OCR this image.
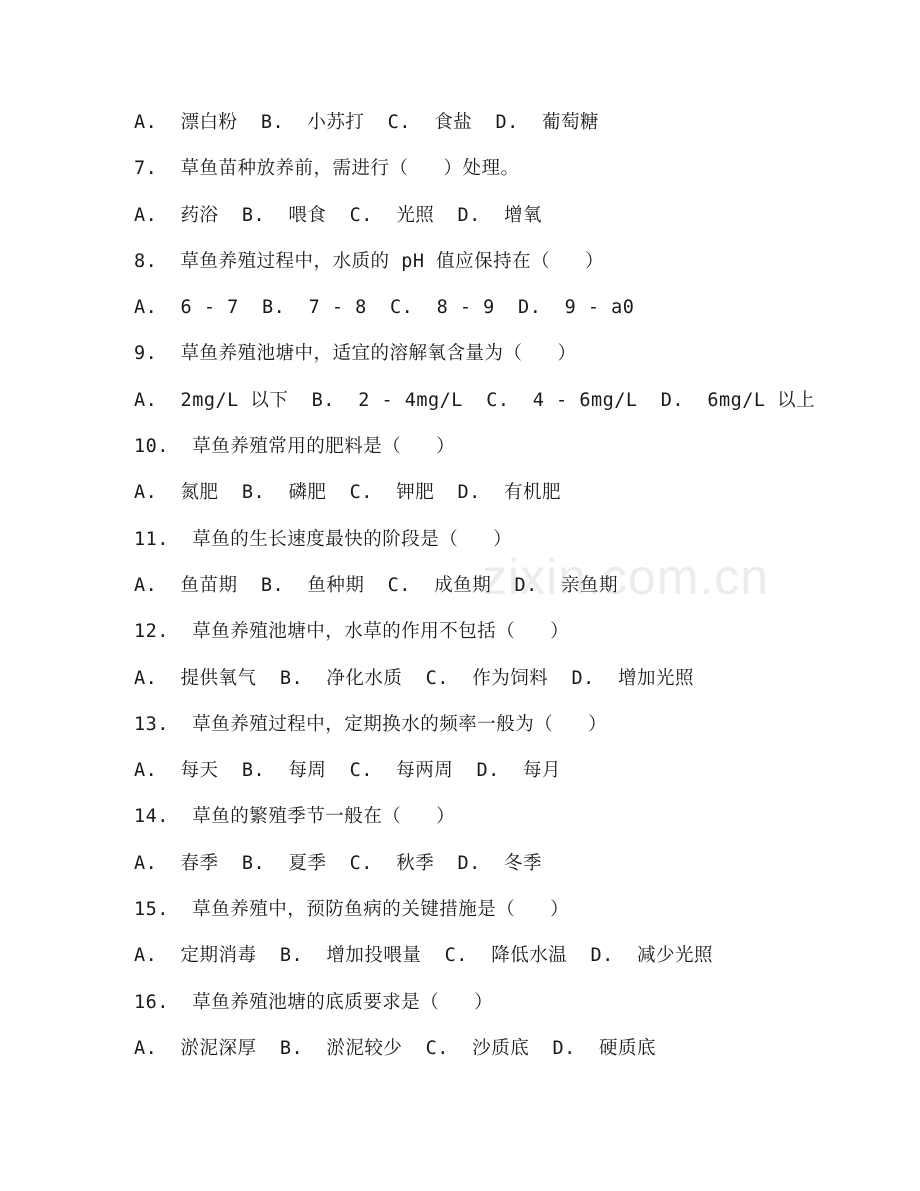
zixin.com.cn
A.  漂白粉  B.  小苏打  C.  食盐  D.  葡萄糖
7.  草鱼苗种放养前，需进行（   ）处理。
A.  药浴  B.  喂食  C.  光照  D.  增氧
8.  草鱼养殖过程中，水质的 pH 值应保持在（   ）
A.  6 - 7  B.  7 - 8  C.  8 - 9  D.  9 - a0
9.  草鱼养殖池塘中，适宜的溶解氧含量为（   ）
A.  2mg/L 以下  B.  2 - 4mg/L  C.  4 - 6mg/L  D.  6mg/L 以上
10.  草鱼养殖常用的肥料是（   ）
A.  氮肥  B.  磷肥  C.  钾肥  D.  有机肥
11.  草鱼的生长速度最快的阶段是（   ）
A.  鱼苗期  B.  鱼种期  C.  成鱼期  D.  亲鱼期
12.  草鱼养殖池塘中，水草的作用不包括（   ）
A.  提供氧气  B.  净化水质  C.  作为饲料  D.  增加光照
13.  草鱼养殖过程中，定期换水的频率一般为（   ）
A.  每天  B.  每周  C.  每两周  D.  每月
14.  草鱼的繁殖季节一般在（   ）
A.  春季  B.  夏季  C.  秋季  D.  冬季
15.  草鱼养殖中，预防鱼病的关键措施是（   ）
A.  定期消毒  B.  增加投喂量  C.  降低水温  D.  减少光照
16.  草鱼养殖池塘的底质要求是（   ）
A.  淤泥深厚  B.  淤泥较少  C.  沙质底  D.  硬质底
